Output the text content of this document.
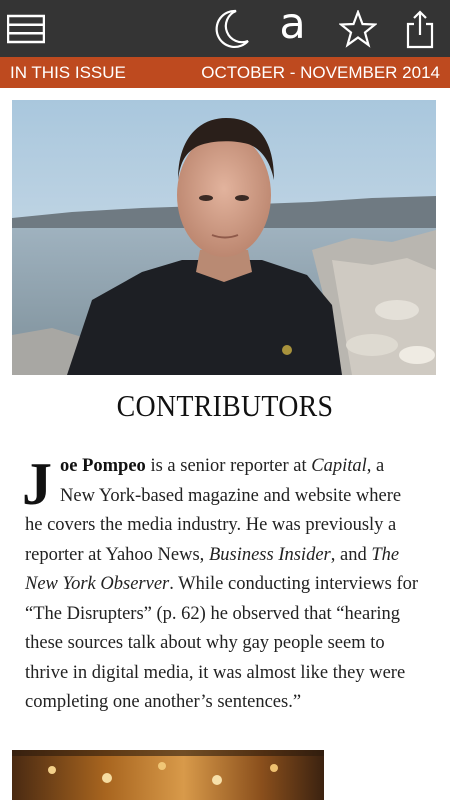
a
IN THIS ISSUE	OCTOBER - NOVEMBER 2014
CONTRIBUTORS
Joe Pompeo is a senior reporter at Capital, a New York-based magazine and website where he covers the media industry. He was previously a reporter at Yahoo News, Business Insider, and The New York Observer. While conducting interviews for “The Disrupters” (p. 62) he observed that “hearing these sources talk about why gay people seem to thrive in digital media, it was almost like they were completing one another’s sentences.”
